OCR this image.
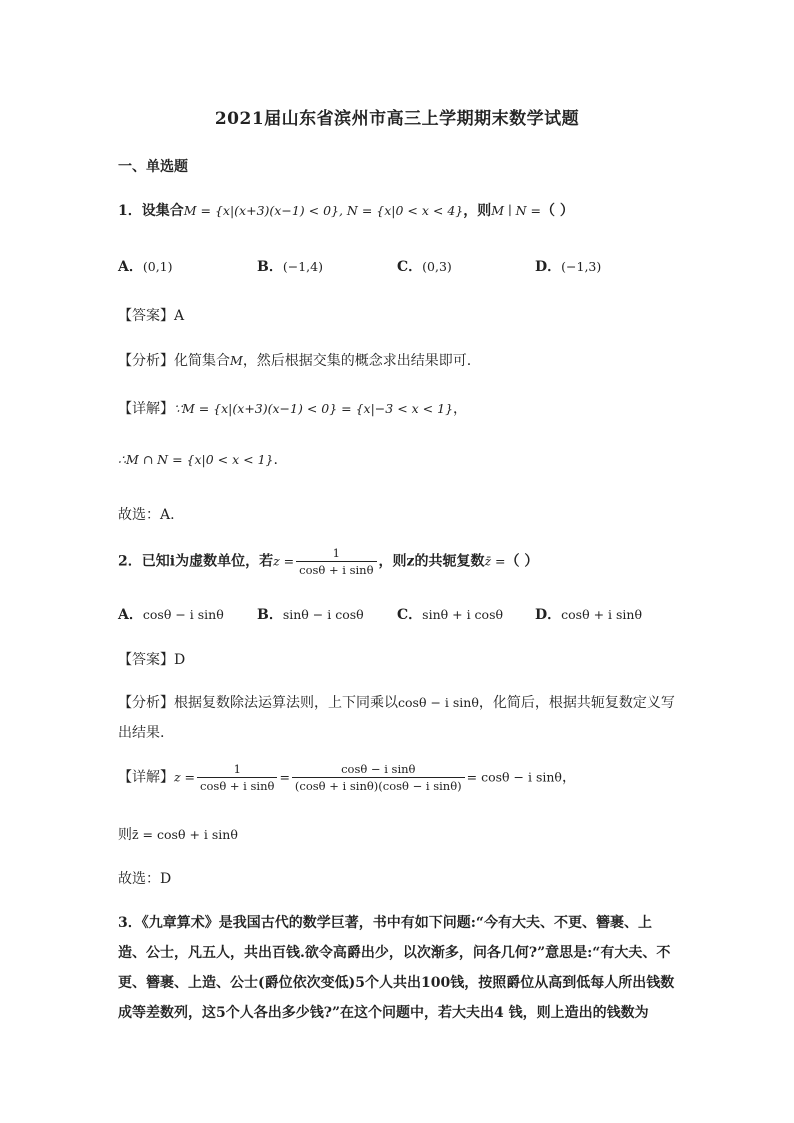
2021届山东省滨州市高三上学期期末数学试题
一、单选题
1．设集合M = {x|(x+3)(x−1) < 0}, N = {x|0 < x < 4}，则M ∣ N =（ ）
A．(0,1)	B．(−1,4)	C．(0,3)	D．(−1,3)
【答案】A
【分析】化简集合M，然后根据交集的概念求出结果即可.
【详解】∵M = {x|(x+3)(x−1) < 0} = {x|−3 < x < 1}，
∴M ∩ N = {x|0 < x < 1}.
故选：A.
2．已知i为虚数单位，若$z = \frac{1}{\text{cosθ + i sinθ}}$ ，则z的共轭复数z̄ =（ ）
A．cosθ − i sinθ B．sinθ − i cosθ C．sinθ + i cosθ D．cosθ + i sinθ
【答案】D
【分析】根据复数除法运算法则，上下同乘以cosθ − i sinθ，化简后，根据共轭复数定义写
出结果.
【详解】$z = \frac{1}{\text{cosθ + i sinθ}} = \frac{\text{cosθ − i sinθ}}{\text{(cosθ + i sinθ)(cosθ − i sinθ)}} = \cos\theta - i$ sinθ，
则z̄ = cosθ + i sinθ
故选：D
3．《九章算术》是我国古代的数学巨著，书中有如下问题:“今有大夫、不更、簪裹、上
造、公士，凡五人，共出百钱.欲令高爵出少，以次渐多，问各几何?”意思是:“有大夫、不
更、簪裹、上造、公士(爵位依次变低)5个人共出100钱，按照爵位从高到低每人所出钱数
成等差数列，这5个人各出多少钱?”在这个问题中，若大夫出4 钱，则上造出的钱数为
